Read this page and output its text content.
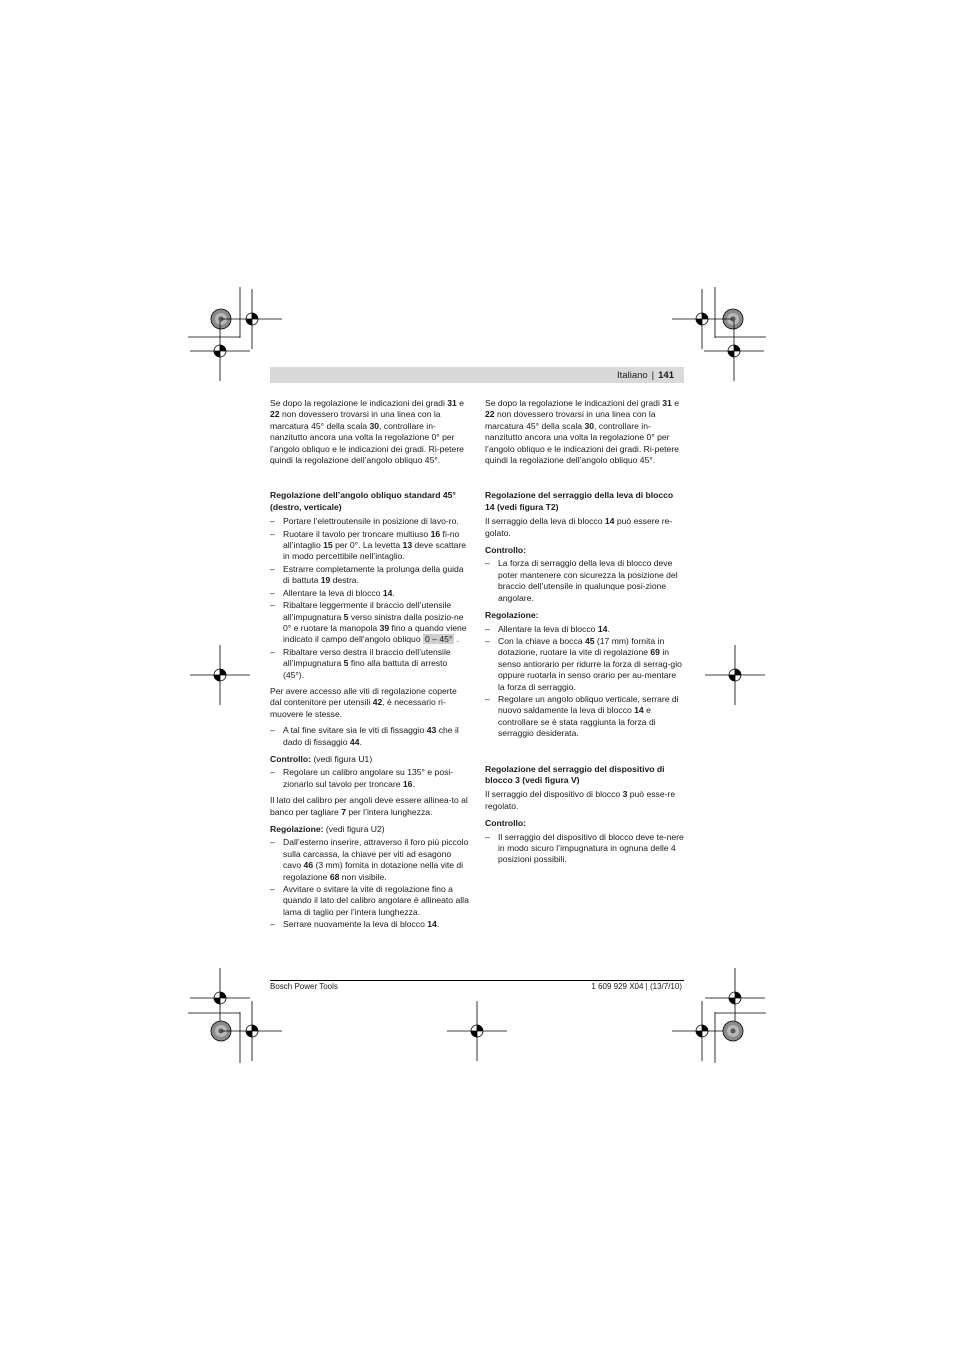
Italiano | 141

Se dopo la regolazione le indicazioni dei gradi 31 e 22 non dovessero trovarsi in una linea con la marcatura 45° della scala 30, controllare in-nanzitutto ancora una volta la regolazione 0° per l’angolo obliquo e le indicazioni dei gradi. Ri-petere quindi la regolazione dell’angolo obliquo 45°.

Regolazione dell’angolo obliquo standard 45° (destro, verticale)
– Portare l’elettroutensile in posizione di lavo-ro.
– Ruotare il tavolo per troncare multiuso 16 fi-no all’intaglio 15 per 0°. La levetta 13 deve scattare in modo percettibile nell’intaglio.
– Estrarre completamente la prolunga della guida di battuta 19 destra.
– Allentare la leva di blocco 14.
– Ribaltare leggermente il braccio dell’utensile all’impugnatura 5 verso sinistra dalla posizio-ne 0° e ruotare la manopola 39 fino a quando viene indicato il campo dell’angolo obliquo 0 – 45° .
– Ribaltare verso destra il braccio dell’utensile all’impugnatura 5 fino alla battuta di arresto (45°).

Per avere accesso alle viti di regolazione coperte dal contenitore per utensili 42, è necessario ri-muovere le stesse.

– A tal fine svitare sia le viti di fissaggio 43 che il dado di fissaggio 44.
Controllo: (vedi figura U1)
– Regolare un calibro angolare su 135° e posi-zionarlo sul tavolo per troncare 16.

Il lato del calibro per angoli deve essere allinea-to al banco per tagliare 7 per l’intera lunghezza.

Regolazione: (vedi figura U2)
– Dall’esterno inserire, attraverso il foro più piccolo sulla carcassa, la chiave per viti ad esagono cavo 46 (3 mm) fornita in dotazione nella vite di regolazione 68 non visibile.
– Avvitare o svitare la vite di regolazione fino a quando il lato del calibro angolare è allineato alla lama di taglio per l’intera lunghezza.
– Serrare nuovamente la leva di blocco 14.

Se dopo la regolazione le indicazioni dei gradi 31 e 22 non dovessero trovarsi in una linea con la marcatura 45° della scala 30, controllare in-nanzitutto ancora una volta la regolazione 0° per l’angolo obliquo e le indicazioni dei gradi. Ri-petere quindi la regolazione dell’angolo obliquo 45°.

Regolazione del serraggio della leva di blocco 14 (vedi figura T2)

Il serraggio della leva di blocco 14 può essere re-golato.

Controllo:
– La forza di serraggio della leva di blocco deve poter mantenere con sicurezza la posizione del braccio dell’utensile in qualunque posi-zione angolare.
Regolazione:
– Allentare la leva di blocco 14.
– Con la chiave a bocca 45 (17 mm) fornita in dotazione, ruotare la vite di regolazione 69 in senso antiorario per ridurre la forza di serrag-gio oppure ruotarla in senso orario per au-mentare la forza di serraggio.
– Regolare un angolo obliquo verticale, serrare di nuovo saldamente la leva di blocco 14 e controllare se è stata raggiunta la forza di serraggio desiderata.
Regolazione del serraggio del dispositivo di blocco 3 (vedi figura V)

Il serraggio del dispositivo di blocco 3 può esse-re regolato.

Controllo:
– Il serraggio del dispositivo di blocco deve te-nere in modo sicuro l’impugnatura in ognuna delle 4 posizioni possibili.
Bosch Power Tools	1 609 929 X04 | (13/7/10)
